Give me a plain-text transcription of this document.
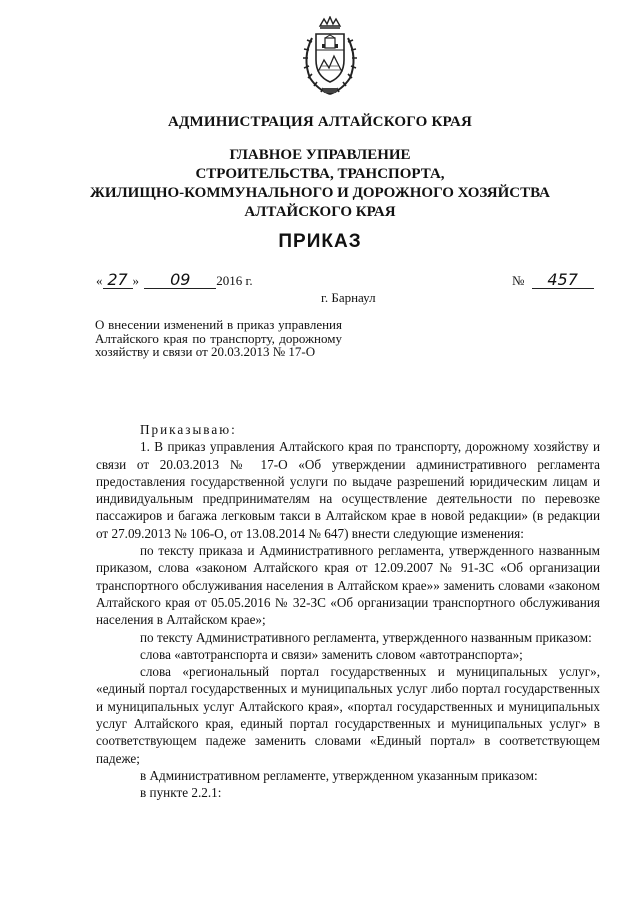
АДМИНИСТРАЦИЯ АЛТАЙСКОГО КРАЯ
ГЛАВНОЕ УПРАВЛЕНИЕ
СТРОИТЕЛЬСТВА, ТРАНСПОРТА,
ЖИЛИЩНО-КОММУНАЛЬНОГО И ДОРОЖНОГО ХОЗЯЙСТВА
АЛТАЙСКОГО КРАЯ
ПРИКАЗ
« 27 » 09 2016 г.	№ 457
г. Барнаул
О внесении изменений в приказ управления Алтайского края по транспорту, дорожному хозяйству и связи от 20.03.2013 № 17-О

Приказываю:

1. В приказ управления Алтайского края по транспорту, дорожному хозяйству и связи от 20.03.2013 № 17-О «Об утверждении административного регламента предоставления государственной услуги по выдаче разрешений юридическим лицам и индивидуальным предпринимателям на осуществление деятельности по перевозке пассажиров и багажа легковым такси в Алтайском крае в новой редакции» (в редакции от 27.09.2013 № 106-О, от 13.08.2014 № 647) внести следующие изменения:

по тексту приказа и Административного регламента, утвержденного названным приказом, слова «законом Алтайского края от 12.09.2007 № 91-ЗС «Об организации транспортного обслуживания населения в Алтайском крае»» заменить словами «законом Алтайского края от 05.05.2016 № 32-ЗС «Об организации транспортного обслуживания населения в Алтайском крае»;

по тексту Административного регламента, утвержденного названным приказом:

слова «автотранспорта и связи» заменить словом «автотранспорта»;

слова «региональный портал государственных и муниципальных услуг», «единый портал государственных и муниципальных услуг либо портал государственных и муниципальных услуг Алтайского края», «портал государственных и муниципальных услуг Алтайского края, единый портал государственных и муниципальных услуг» в соответствующем падеже заменить словами «Единый портал» в соответствующем падеже;

в Административном регламенте, утвержденном указанным приказом:

в пункте 2.2.1:
